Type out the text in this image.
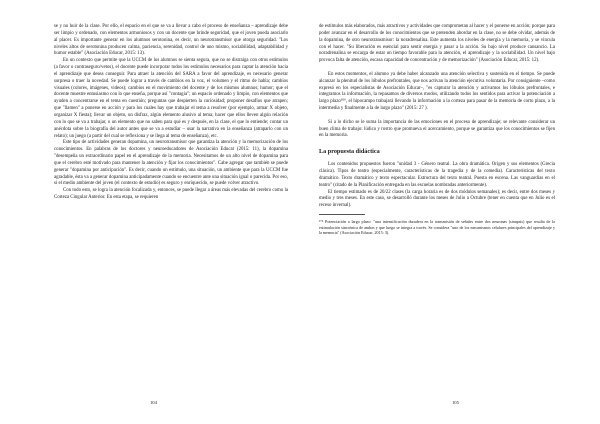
se y no huir de la clase. Por ello, el espacio en el que se va a llevar a cabo el proceso de enseñanza – aprendizaje debe ser limpio y ordenado, con elementos armoniosos y con un docente que brinde seguridad, que el joven pueda asociarlo al placer. Es importante generar en los alumnos serotonina, es decir, un neurotransmisor que otorga seguridad. "Los niveles altos de serotonina producen calma, paciencia, serenidad, control de uno mismo, sociabilidad, adaptabilidad y humor estable" (Asociación Educar, 2015: 13).

En un contexto que permite que la UCCM de los alumnos se sienta segura, que no se distraiga con otros estímulos (a favor o contraseguro/vetos), el docente puede incorporar todos los estímulos necesarios para captar la atención hacia el aprendizaje que desea conseguir. Para atraer la atención del SARA a favor del aprendizaje, es necesario generar sorpresa o traer la novedad. Se puede lograr a través de cambios en la voz, el volumen y el ritmo de habla; cambios visuales (colores, imágenes, videos); cambios en el movimiento del docente y de los mismos alumnos; humor; que el docente muestre entusiasmo con lo que enseña, porque así "contagia"; un espacio ordenado y limpio, con elementos que ayuden a concentrarse en el tema en cuestión; preguntas que despierten la curiosidad; proponer desafíos que atrapen; que "llamen" a ponerse en acción y para los cuales hay que trabajar el tema a resolver (por ejemplo, armar X objeto, organizar X fiesta); llevar un objeto, un disfraz, algún elemento alusivo al tema; hacer que ellos lleven algún relación con lo que se va a trabajar, o un elemento que no saben para qué es y después, en la clase, el que lo entiende; contar un anécdota sobre la biografía del autor antes que se va a estudiar – usar la narrativa en la enseñanza (atraparlo con un relato); un juego (a partir del cual se reflexiona y se llega al tema de enseñanza), etc.

Este tipo de actividades generan dopamina, un neurotransmisor que garantiza la atención y la memorización de los conocimientos. En palabras de los doctores y neuroeducadores de Asociación Educar (2015: 11), la dopamina "desempeña un extraordinario papel en el aprendizaje de la memoria. Necesitamos de un alto nivel de dopamina para que el cerebro esté motivado para mantener la atención y fijar los conocimientos". Cabe agregar que también se puede generar "dopamina por anticipación". Es decir, cuando un estímulo, una situación, un ambiente que para la UCCM fue agradable, ésta va a generar dopamina anticipadamente cuando se encuentre ante una situación igual o parecida. Por eso, si el medio ambiente del joven (el contexto de estudio) es seguro y enriquecido, se puede volver atractivo.

Con todo esto, se logra la atención focalizada y, entonces, se puede llegar a áreas más elevadas del cerebro como la Corteza Cingular Anterior. En esta etapa, se requieren

104

de estímulos más elaborados, más atractivos y actividades que comprometan al hacer y el ponerse en acción; porque para poder avanzar en el desarrollo de los conocimientos que se pretenden abordar en la clase, no se debe olvidar, además de la dopamina, de otro neurotransmisor: la noradrenalina. Este aumenta los niveles de energía y la memoria, y se vincula con el hacer. "Su liberación es esencial para sentir energía y pasar a la acción. Su bajo nivel produce cansancio. La noradrenalina se encarga de estar un tiempo favorable para la atención, el aprendizaje y la sociabilidad. Un nivel bajo provoca falta de atención, escasa capacidad de concentración y de memorización" (Asociación Educar, 2015: 12).

En estos momentos, el alumno ya debe haber alcanzado una atención selectiva y sostenida en el tiempo. Se puede alcanzar la plenitud de los lóbulos prefrontales, que nos activan la atención ejecutiva voluntaria. Por consiguiente –como expresó en los especialistas de Asociación Educar–, "es capturar la atención y activamos los lóbulos prefrontales, e integramos la información, la repasamos de diversos modos, utilizando todos los sentidos para activar la potenciación a largo plazo¹⁰⁶, el hipocampo trabajará llevando la información a la corteza para pasar de la memoria de corto plazo, a la intermedia y finalmente a la de largo plazo" (2015: 27 ).

Si a lo dicho se le suma la importancia de las emociones en el proceso de aprendizaje; se relevante considerar un buen clima de trabajo: lúdico y rostro que promueva el acercamiento, porque se garantiza que los conocimientos se fijen en la memoria.

La propuesta didáctica

Los contenidos propuestos fueron "unidad 3 - Género teatral. La obra dramática. Origen y sus elementos (Grecia clásica). Tipos de teatro (especialmente, características de la tragedia y de la comedia). Características del texto dramático. Texto dramático y texto espectacular. Estructura del texto teatral. Puesta en escena. Las vanguardias en el teatro" (citado de la Planificación entregada en las escuelas nombradas anteriormente).

El tiempo estimado es de 20/22 clases (la carga horaria es de dos módulos semanales); es decir, entre dos meses y medio y tres meses. En este caso, se desarrolló durante los meses de Julio a Octubre (tener en cuenta que en Julio es el receso invernal).

¹⁰⁶ Potenciación a largo plazo: "una intensificación duradera en la transmisión de señales entre dos neuronas (sinapsis) que resulta de la estimulación sincrónica de ambas y que luego se integra a través. Se considera "uno de los mecanismos celulares principales del aprendizaje y la memoria" (Asociación Educar, 2015: 3).
105
